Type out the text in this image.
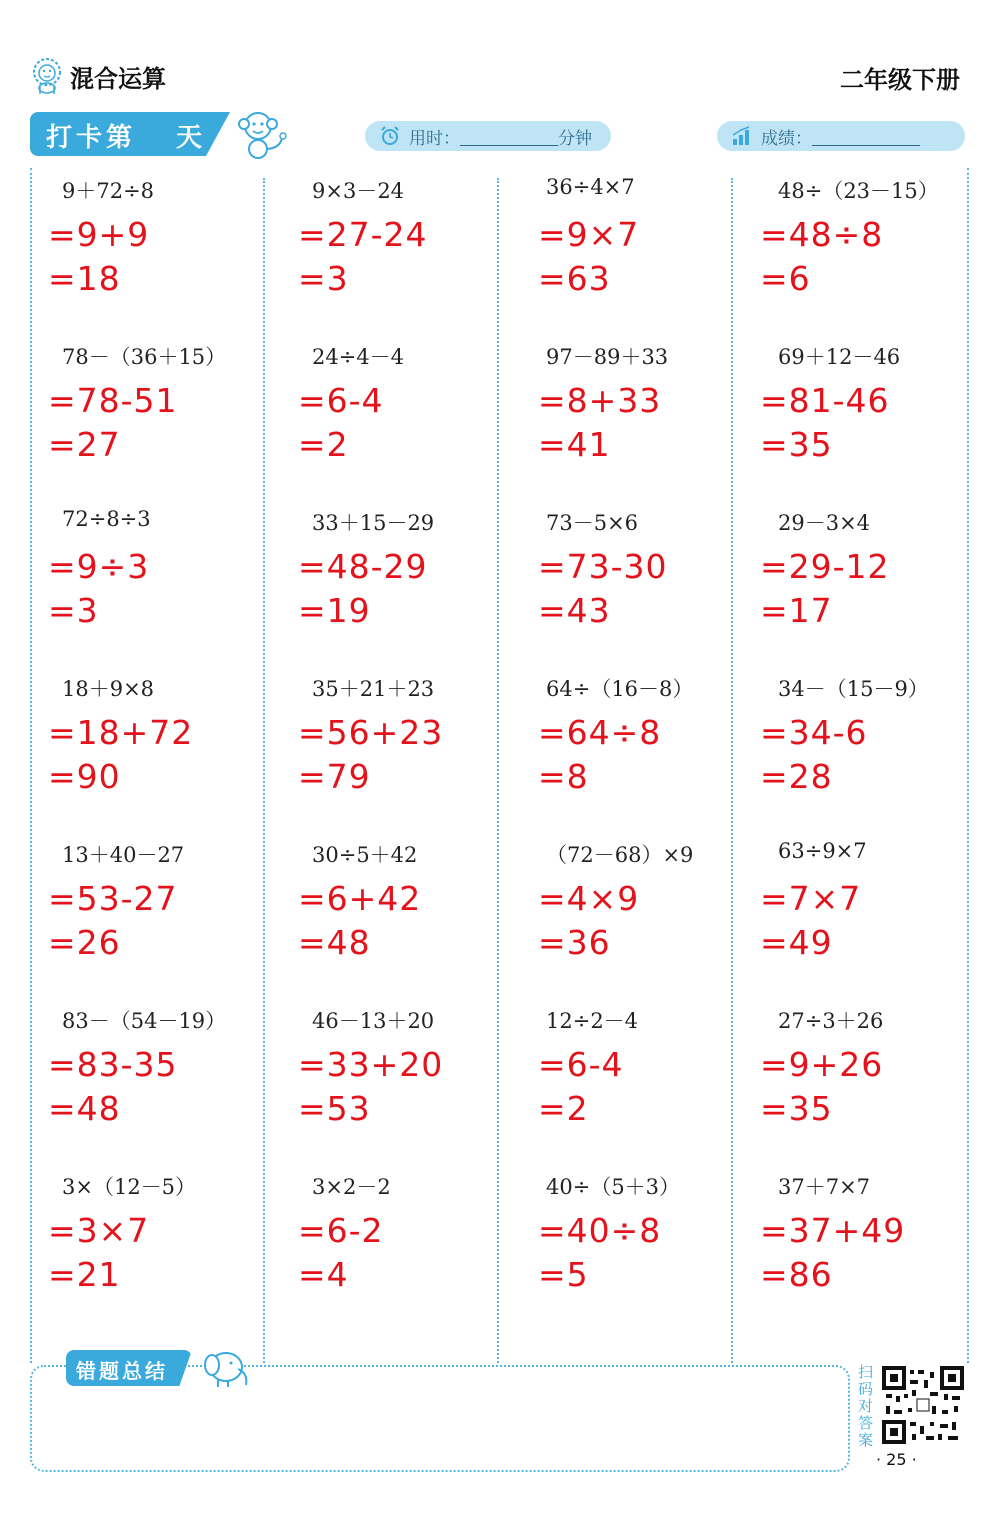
混合运算	二年级下册
打卡第 天	用时：	分钟	成绩：
9＋72÷8
=9+9
=18
9×3－24
=27-24
=3
36÷4×7
=9×7
=63
48÷（23－15）
=48÷8
=6
78－（36＋15）
=78-51
=27
24÷4－4
=6-4
=2
97－89＋33
=8+33
=41
69＋12－46
=81-46
=35
72÷8÷3
=9÷3
=3
33＋15－29
=48-29
=19
73－5×6
=73-30
=43
29－3×4
=29-12
=17
18＋9×8
=18+72
=90
35＋21＋23
=56+23
=79
64÷（16－8）
=64÷8
=8
34－（15－9）
=34-6
=28
13＋40－27
=53-27
=26
30÷5＋42
=6+42
=48
（72－68）×9
=4×9
=36
63÷9×7
=7×7
=49
83－（54－19）
=83-35
=48
46－13＋20
=33+20
=53
12÷2－4
=6-4
=2
27÷3＋26
=9+26
=35
3×（12－5）
=3×7
=21
3×2－2
=6-2
=4
40÷（5＋3）
=40÷8
=5
37＋7×7
=37+49
=86
错题总结	扫码对答案
· 25 ·
